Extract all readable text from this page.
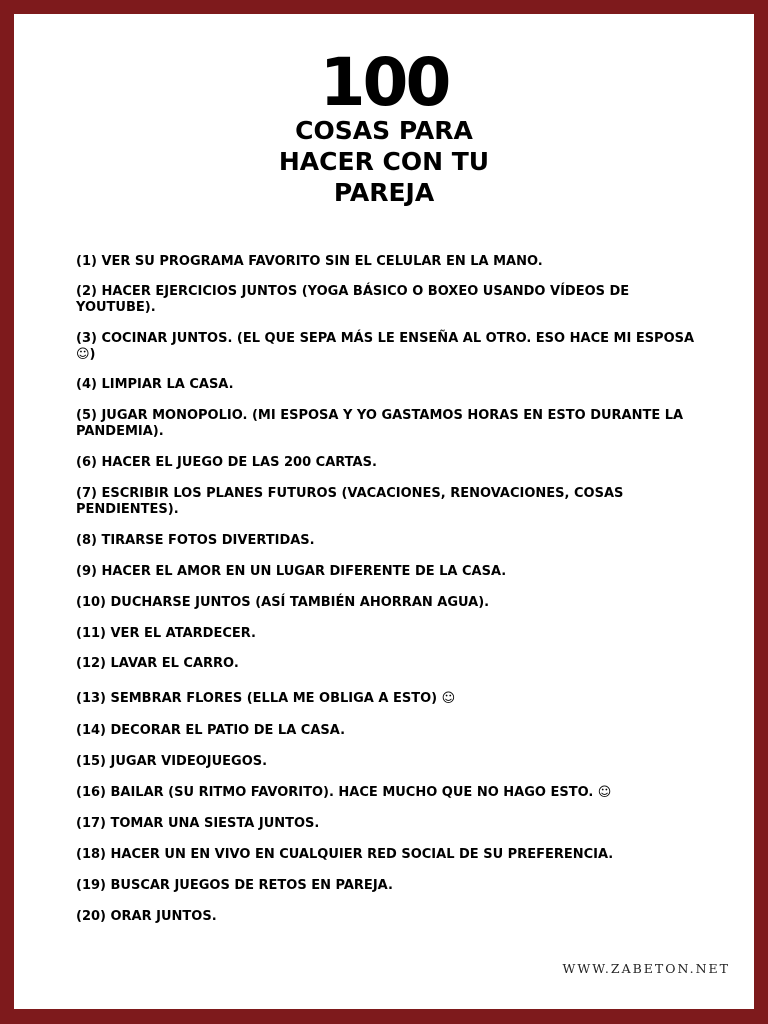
100
COSAS PARA
HACER CON TU
PAREJA
(1) VER SU PROGRAMA FAVORITO SIN EL CELULAR EN LA MANO.
(2) HACER EJERCICIOS JUNTOS (YOGA BÁSICO O BOXEO USANDO VÍDEOS DE YOUTUBE).
(3) COCINAR JUNTOS. (EL QUE SEPA MÁS LE ENSEÑA AL OTRO. ESO HACE MI ESPOSA ☺)
(4) LIMPIAR LA CASA.
(5) JUGAR MONOPOLIO. (MI ESPOSA Y YO GASTAMOS HORAS EN ESTO DURANTE LA PANDEMIA).
(6) HACER EL JUEGO DE LAS 200 CARTAS.
(7) ESCRIBIR LOS PLANES FUTUROS (VACACIONES, RENOVACIONES, COSAS PENDIENTES).
(8) TIRARSE FOTOS DIVERTIDAS.
(9) HACER EL AMOR EN UN LUGAR DIFERENTE DE LA CASA.
(10) DUCHARSE JUNTOS (ASÍ TAMBIÉN AHORRAN AGUA).
(11) VER EL ATARDECER.
(12) LAVAR EL CARRO.
(13) SEMBRAR FLORES (ELLA ME OBLIGA A ESTO) ☺
(14) DECORAR EL PATIO DE LA CASA.
(15) JUGAR VIDEOJUEGOS.
(16) BAILAR (SU RITMO FAVORITO). HACE MUCHO QUE NO HAGO ESTO. ☺
(17) TOMAR UNA SIESTA JUNTOS.
(18) HACER UN EN VIVO EN CUALQUIER RED SOCIAL DE SU PREFERENCIA.
(19) BUSCAR JUEGOS DE RETOS EN PAREJA.
(20) ORAR JUNTOS.
WWW.ZABETON.NET
